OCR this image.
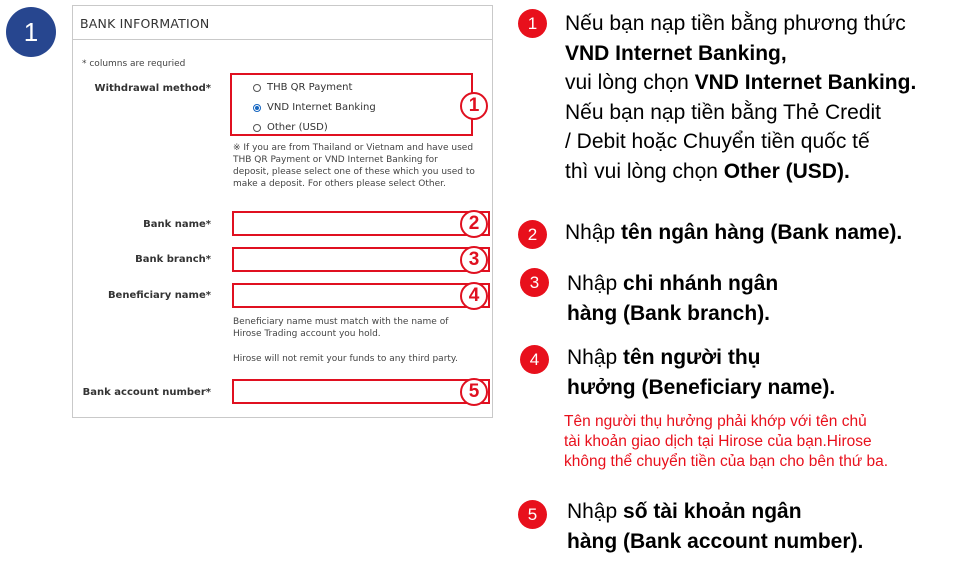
1	BANK INFORMATION
* columns are requried
Withdrawal method*	THB QR Payment
VND Internet Banking
Other (USD)
※ If you are from Thailand or Vietnam and have used
THB QR Payment or VND Internet Banking for
deposit, please select one of these which you used to
make a deposit. For others please select Other.
Bank name*
Bank branch*
Beneficiary name*
Beneficiary name must match with the name of
Hirose Trading account you hold.
Hirose will not remit your funds to any third party.
Bank account number*
1
2
3
4
5
1	Nếu bạn nạp tiền bằng phương thức
VND Internet Banking,
vui lòng chọn VND Internet Banking.
Nếu bạn nạp tiền bằng Thẻ Credit
/ Debit hoặc Chuyển tiền quốc tế
thì vui lòng chọn Other (USD).
2	Nhập tên ngân hàng (Bank name).
3	Nhập chi nhánh ngân
hàng (Bank branch).
4	Nhập tên người thụ
hưởng (Beneficiary name).
Tên người thụ hưởng phải khớp với tên chủ
tài khoản giao dịch tại Hirose của bạn.Hirose
không thể chuyển tiền của bạn cho bên thứ ba.
5	Nhập số tài khoản ngân
hàng (Bank account number).
